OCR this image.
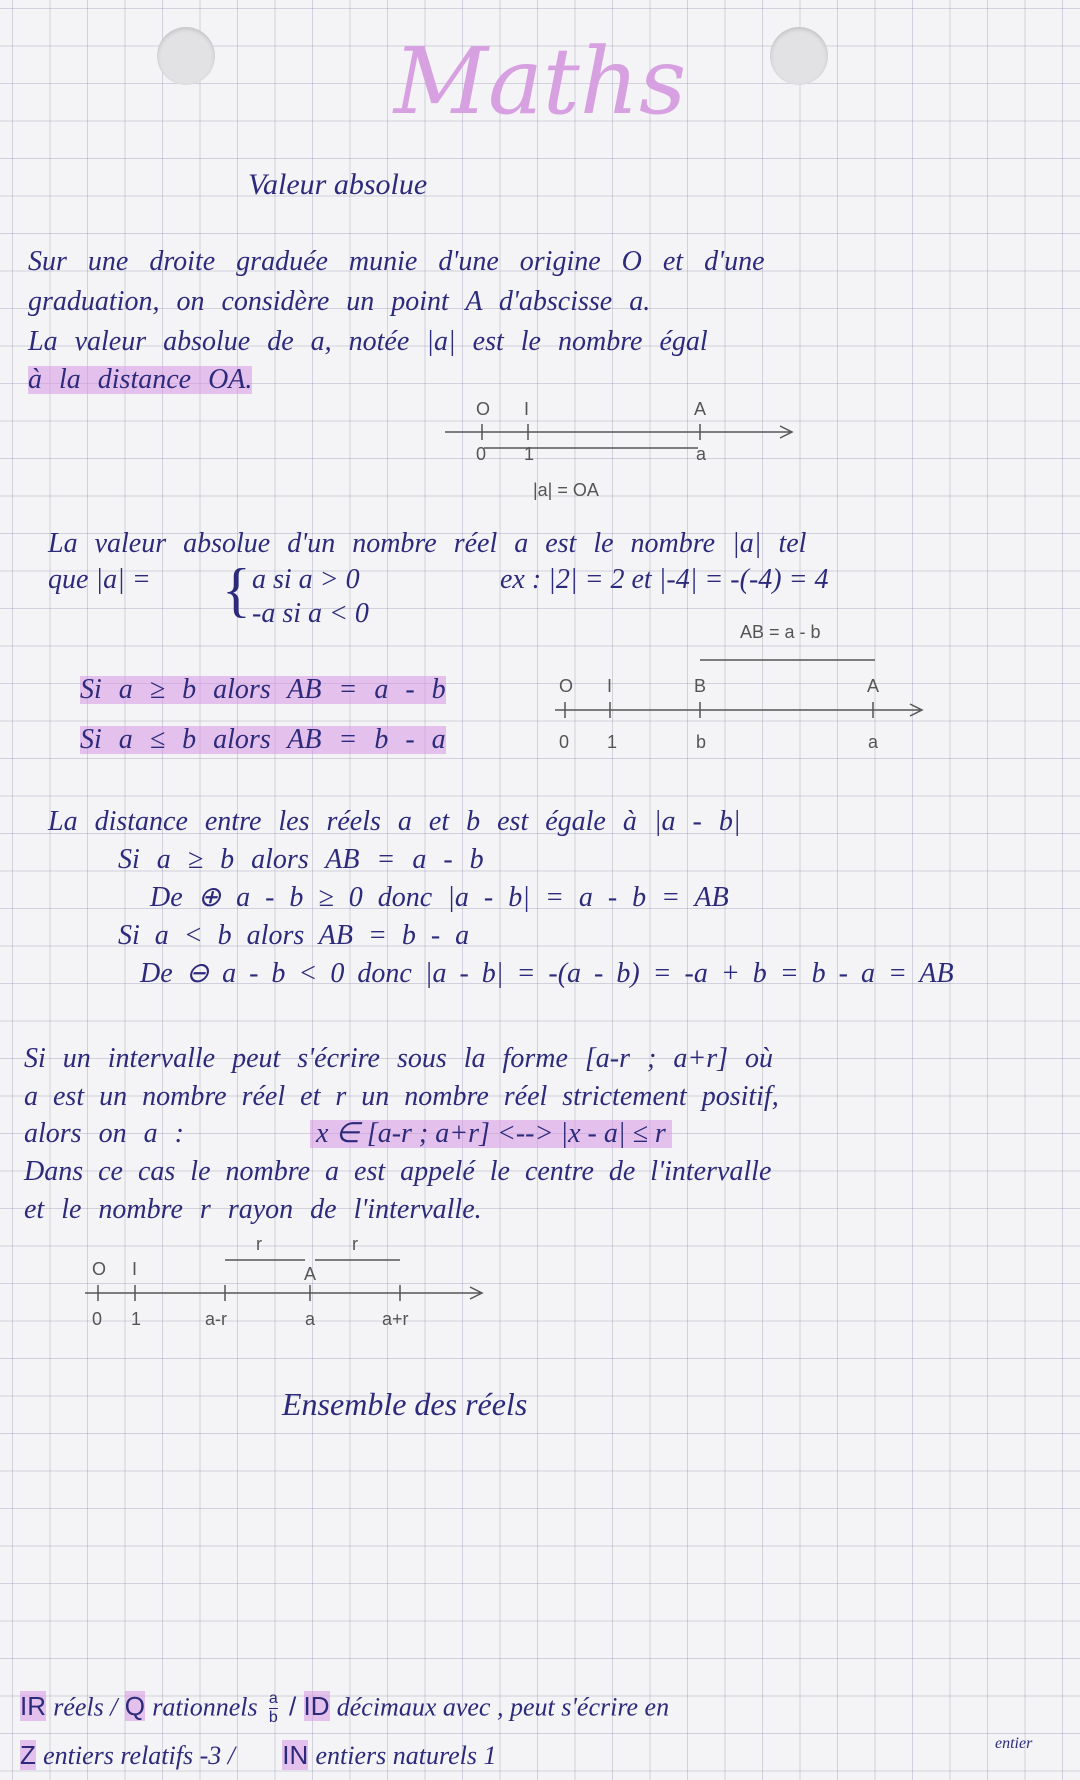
Maths
Valeur absolue
Sur une droite graduée munie d'une origine O et d'une
graduation, on considère un point A d'abscisse a.
La valeur absolue de a, notée |a| est le nombre égal
à la distance OA.
O I	A
0 1	a
|a| = OA
La valeur absolue d'un nombre réel a est le nombre |a| tel
que |a| = { a si a > 0
-a si a < 0
ex : |2| = 2 et |-4| = -(-4) = 4
Si a ≥ b alors AB = a - b
Si a ≤ b alors AB = b - a
AB = a - b
O I	B	A
0 1	b	a
La distance entre les réels a et b est égale à |a - b|
Si a ≥ b alors AB = a - b
De ⊕ a - b ≥ 0 donc |a - b| = a - b = AB
Si a < b alors AB = b - a
De ⊖ a - b < 0 donc |a - b| = -(a - b) = -a + b = b - a = AB
Si un intervalle peut s'écrire sous la forme [a-r ; a+r] où
a est un nombre réel et r un nombre réel strictement positif,
alors on a :	x ∈ [a-r ; a+r] <--> |x - a| ≤ r
Dans ce cas le nombre a est appelé le centre de l'intervalle
et le nombre r rayon de l'intervalle.
O I
r
A
r
0 1	a-r	a	a+r
Ensemble des réels
IR réels / Q rationnels $\frac{a}{b}$ / ID décimaux avec , peut s'écrire en
entier
Z entiers relatifs -3 / IN entiers naturels 1
